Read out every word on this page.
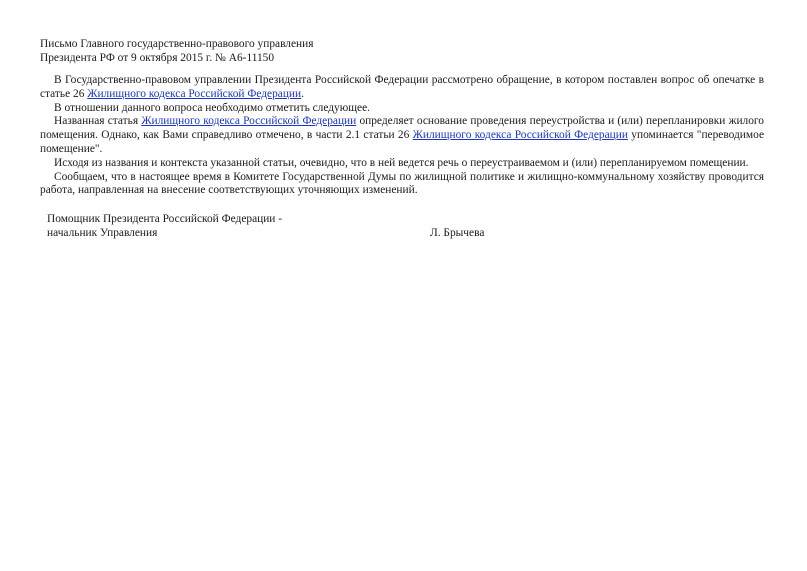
Письмо Главного государственно-правового управления
Президента РФ от 9 октября 2015 г. № А6-11150

В Государственно-правовом управлении Президента Российской Федерации рассмотрено обращение, в котором поставлен вопрос об опечатке в статье 26 Жилищного кодекса Российской Федерации.

В отношении данного вопроса необходимо отметить следующее.

Названная статья Жилищного кодекса Российской Федерации определяет основание проведения переустройства и (или) перепланировки жилого помещения. Однако, как Вами справедливо отмечено, в части 2.1 статьи 26 Жилищного кодекса Российской Федерации упоминается "переводимое помещение".

Исходя из названия и контекста указанной статьи, очевидно, что в ней ведется речь о переустраиваемом и (или) перепланируемом помещении.

Сообщаем, что в настоящее время в Комитете Государственной Думы по жилищной политике и жилищно-коммунальному хозяйству проводится работа, направленная на внесение соответствующих уточняющих изменений.

Помощник Президента Российской Федерации -
начальник Управления	Л. Брычева
